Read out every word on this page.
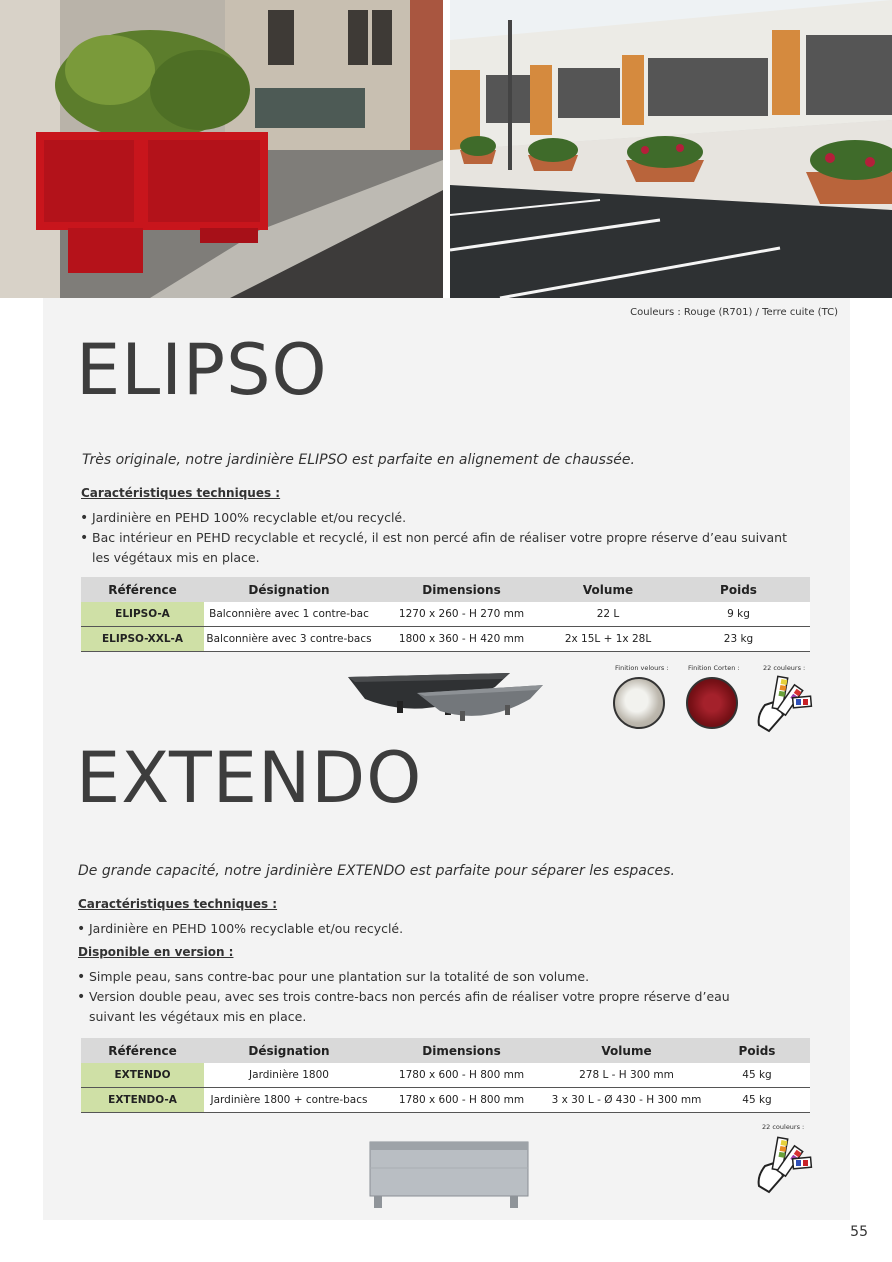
Couleurs : Rouge (R701) / Terre cuite (TC)
ELIPSO
Très originale, notre jardinière ELIPSO est parfaite en alignement de chaussée.
Caractéristiques techniques :
• Jardinière en PEHD 100% recyclable et/ou recyclé.
• Bac intérieur en PEHD recyclable et recyclé, il est non percé afin de réaliser votre propre réserve d’eau suivant
les végétaux mis en place.
Référence	Désignation	Dimensions	Volume	Poids
ELIPSO-A	Balconnière avec 1 contre-bac	1270 x 260 - H 270 mm	22 L	9 kg
ELIPSO-XXL-A	Balconnière avec 3 contre-bacs	1800 x 360 - H 420 mm	2x 15L + 1x 28L	23 kg
Finition velours :	Finition Corten :	22 couleurs :
EXTENDO
De grande capacité, notre jardinière EXTENDO est parfaite pour séparer les espaces.
Caractéristiques techniques :
• Jardinière en PEHD 100% recyclable et/ou recyclé.
Disponible en version :
• Simple peau, sans contre-bac pour une plantation sur la totalité de son volume.
• Version double peau, avec ses trois contre-bacs non percés afin de réaliser votre propre réserve d’eau
suivant les végétaux mis en place.
Référence	Désignation	Dimensions	Volume	Poids
EXTENDO	Jardinière 1800	1780 x 600 - H 800 mm	278 L - H 300 mm	45 kg
EXTENDO-A	Jardinière 1800 + contre-bacs	1780 x 600 - H 800 mm	3 x 30 L - Ø 430 - H 300 mm	45 kg
22 couleurs :
55
